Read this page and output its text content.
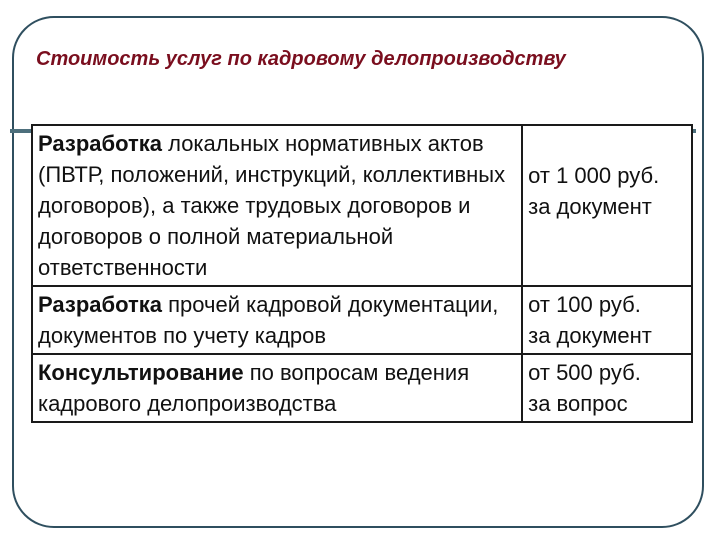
Стоимость услуг по кадровому делопроизводству
Разработка локальных нормативных актов (ПВТР, положений, инструкций, коллективных договоров), а также трудовых договоров и договоров о полной материальной ответственности	от 1 000 руб.
за документ
Разработка прочей кадровой документации, документов по учету кадров	от 100 руб.
за документ
Консультирование по вопросам ведения кадрового делопроизводства	от 500 руб.
за вопрос
